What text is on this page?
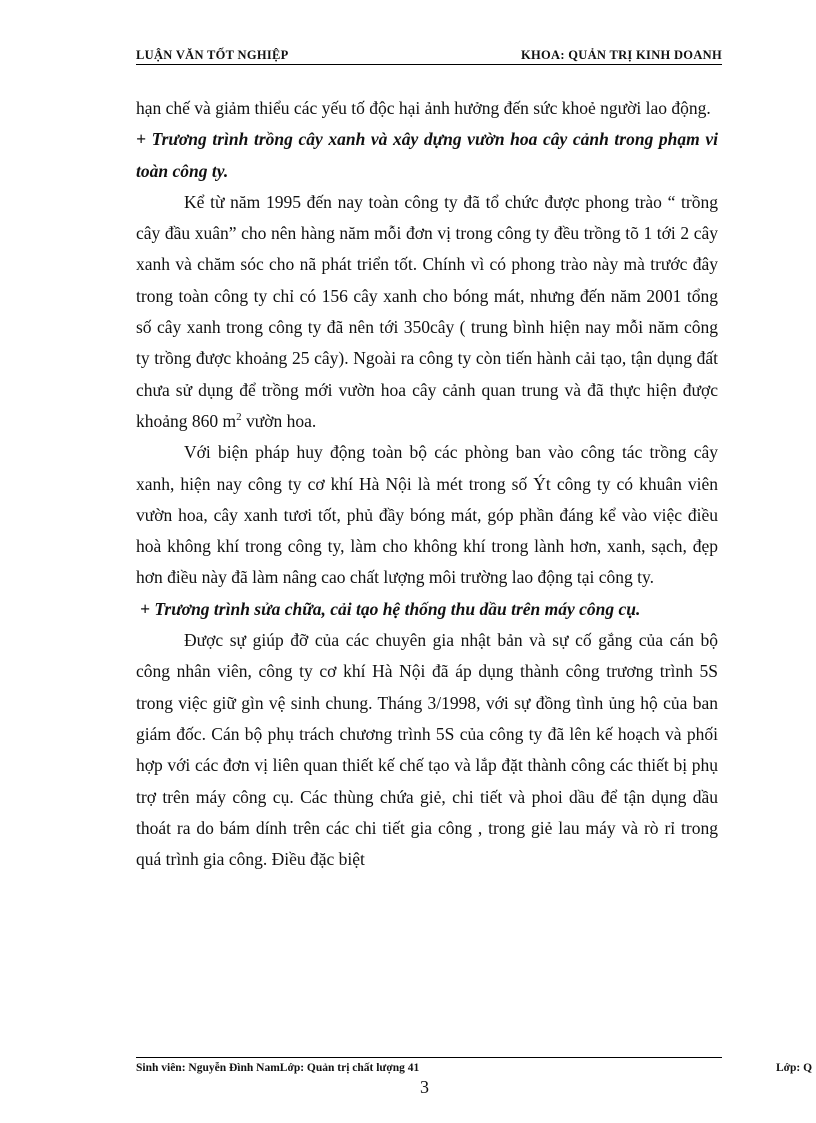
LUẬN VĂN TỐT NGHIỆP	KHOA: QUẢN TRỊ KINH DOANH

hạn chế và giảm thiểu các yếu tố độc hại ảnh hưởng đến sức khoẻ người lao động.

+ Trương trình trồng cây xanh và xây dựng vườn hoa cây cảnh trong phạm vi toàn công ty.

Kể từ năm 1995 đến nay toàn công ty đã tổ chức được phong trào “ trồng cây đầu xuân” cho nên hàng năm mỗi đơn vị trong công ty đều trồng tõ 1 tới 2 cây xanh và chăm sóc cho nã phát triển tốt. Chính vì có phong trào này mà trước đây trong toàn công ty chỉ có 156 cây xanh cho bóng mát, nhưng đến năm 2001 tổng số cây xanh trong công ty đã nên tới 350cây ( trung bình hiện nay mỗi năm công ty trồng được khoảng 25 cây). Ngoài ra công ty còn tiến hành cải tạo, tận dụng đất chưa sử dụng để trồng mới vườn hoa cây cảnh quan trung và đã thực hiện được khoảng 860 $m^2$ vườn hoa.

Với biện pháp huy động toàn bộ các phòng ban vào công tác trồng cây xanh, hiện nay công ty cơ khí Hà Nội là mét trong số Ýt công ty có khuân viên vườn hoa, cây xanh tươi tốt, phủ đầy bóng mát, góp phần đáng kể vào việc điều hoà không khí trong công ty, làm cho không khí trong lành hơn, xanh, sạch, đẹp hơn điều này đã làm nâng cao chất lượng môi trường lao động tại công ty.

+ Trương trình sửa chữa, cải tạo hệ thống thu dầu trên máy công cụ.

Được sự giúp đỡ của các chuyên gia nhật bản và sự cố gắng của cán bộ công nhân viên, công ty cơ khí Hà Nội đã áp dụng thành công trương trình 5S trong việc giữ gìn vệ sinh chung. Tháng 3/1998, với sự đồng tình ủng hộ của ban giám đốc. Cán bộ phụ trách chương trình 5S của công ty đã lên kế hoạch và phối hợp với các đơn vị liên quan thiết kế chế tạo và lắp đặt thành công các thiết bị phụ trợ trên máy công cụ. Các thùng chứa giẻ, chi tiết và phoi dầu để tận dụng dầu thoát ra do bám dính trên các chi tiết gia công , trong giẻ lau máy và rò rỉ trong quá trình gia công. Điều đặc biệt

Sinh viên: Nguyễn Đình NamLớp: Quản trị chất lượng 41	Lớp: Q
3
